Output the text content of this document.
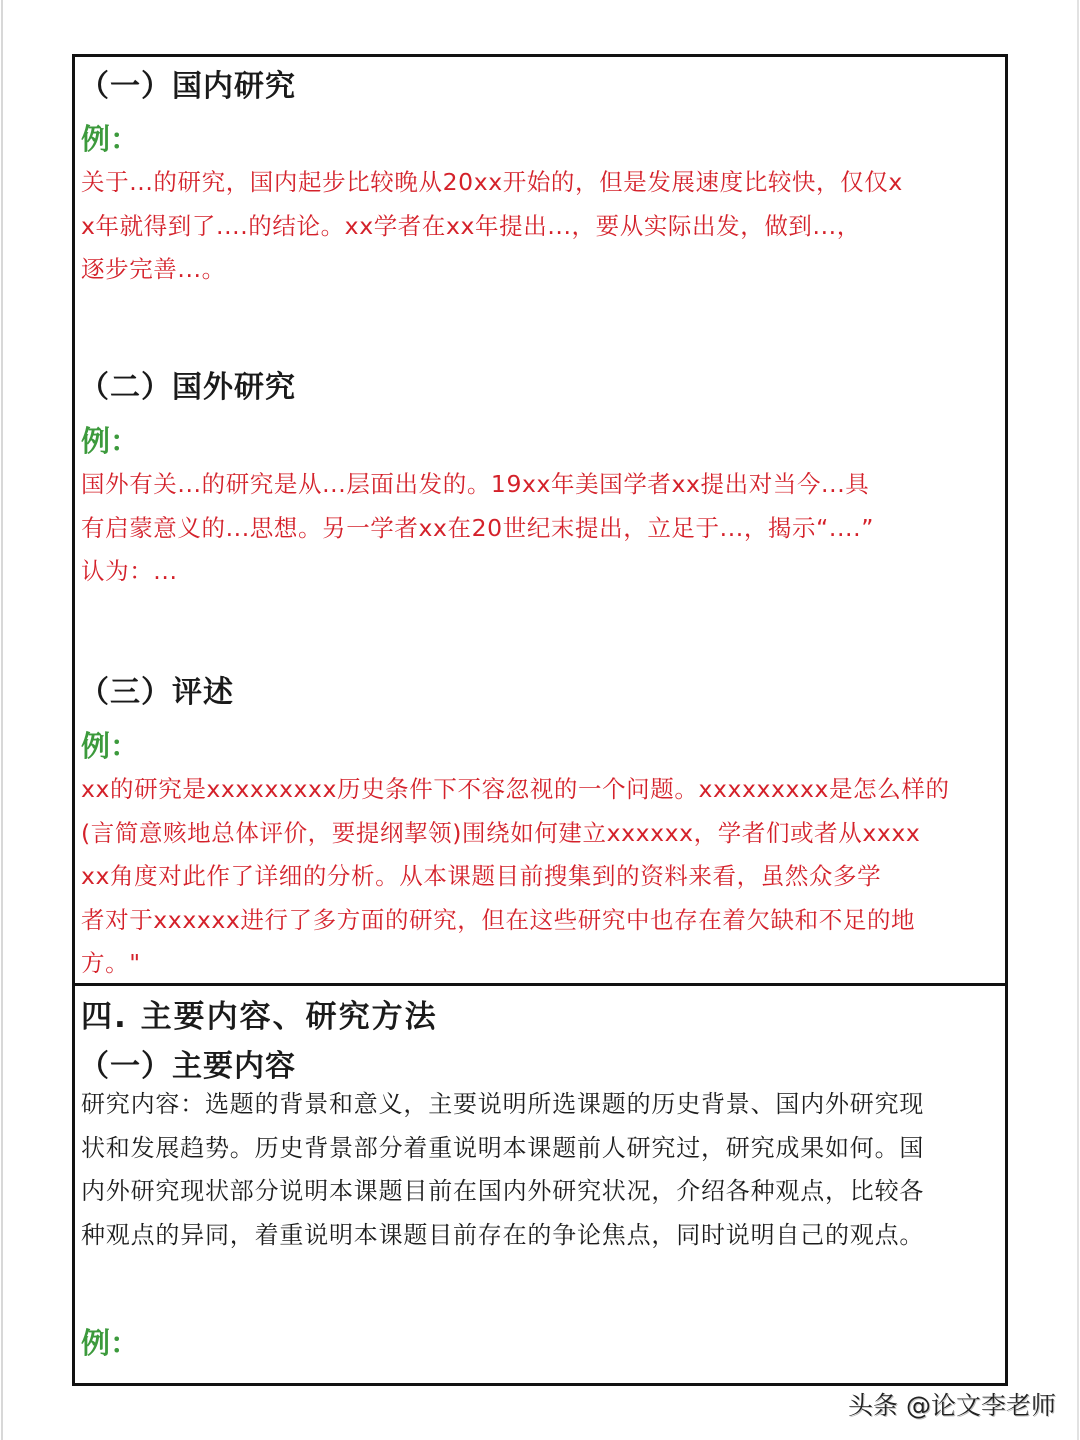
（一）国内研究
例：
关于...的研究，国内起步比较晚从20xx开始的，但是发展速度比较快，仅仅x
x年就得到了....的结论。xx学者在xx年提出...，要从实际出发，做到...，
逐步完善...。
（二）国外研究
例：
国外有关...的研究是从...层面出发的。19xx年美国学者xx提出对当今...具
有启蒙意义的...思想。另一学者xx在20世纪末提出，立足于...，揭示“....”
认为：...
（三）评述
例：
xx的研究是xxxxxxxxx历史条件下不容忽视的一个问题。xxxxxxxxx是怎么样的
(言简意赅地总体评价，要提纲挈领)围绕如何建立xxxxxx，学者们或者从xxxx
xx角度对此作了详细的分析。从本课题目前搜集到的资料来看，虽然众多学
者对于xxxxxx进行了多方面的研究，但在这些研究中也存在着欠缺和不足的地
方。"
四. 主要内容、研究方法
（一）主要内容
研究内容：选题的背景和意义，主要说明所选课题的历史背景、国内外研究现
状和发展趋势。历史背景部分着重说明本课题前人研究过，研究成果如何。国
内外研究现状部分说明本课题目前在国内外研究状况，介绍各种观点，比较各
种观点的异同，着重说明本课题目前存在的争论焦点，同时说明自己的观点。
例：
头条 @论文李老师
